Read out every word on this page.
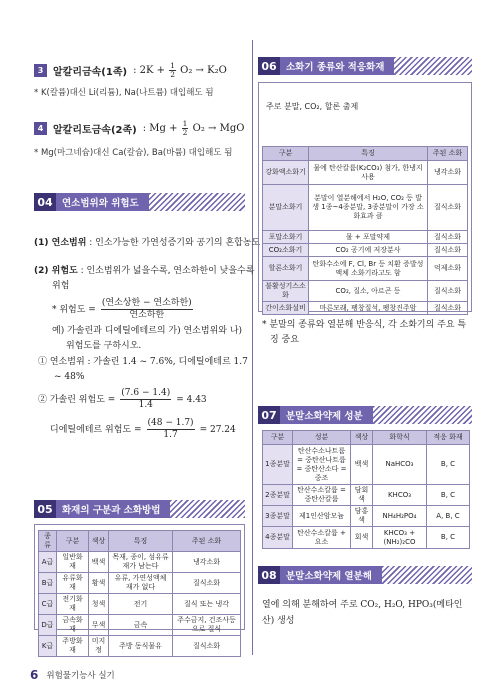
3 알칼리금속(1족) : $2K + \frac{1}{2} O_2 \to K_2O$
* K(칼륨)대신 Li(리튬), Na(나트륨) 대입해도 됨
4 알칼리토금속(2족) : $Mg + \frac{1}{2} O_2$ → MgO
* Mg(마그네슘)대신 Ca(칼슘), Ba(바륨) 대입해도 됨
04 연소범위와 위험도
(1) 연소범위 : 인소가능한 가연성증기와 공기의 혼합농도
(2) 위험도 : 인소범위가 넓을수록, 연소하한이 낮을수록
위험
* 위험도 = $\frac{\text{(연소상한 − 연소하한)}}{\text{연소하한}}$
예) 가솔린과 디에틸에테르의 가) 연소범위와 나)
위험도를 구하시오.
① 연소범위 : 가솔린 1.4 ~ 7.6%, 디에틸에테르 1.7
~ 48%
② 가솔린 위험도 = $\frac{(7.6 - 1.4)}{1.4} = 4.43$
디에틸에테르 위험도 = $\frac{(48 - 1.7)}{1.7} = 27.24$
05 화재의 구분과 소화방법
종류	구분	색상	특징	주된 소화
A급	일반화재	백색	목재, 종이, 섬유류 재가 남는다	냉각소화
B급	유류화재	황색	유류, 가연성액체 재가 없다	질식소화
C급	전기화재	청색	전기	질식 또는 냉각
D급	금속화재	무색	금속	주수금지, 건조사등으로 질식
K급	주방화재	미지정	주방 동식물유	질식소화
06 소화기 종류와 적응화재
주로 분말, CO₂, 할론 출제
구분	특징	주된 소화
강화액소화기	물에 탄산칼륨(K₂CO₃) 첨가, 한냉지 사용	냉각소화
분말소화기	분말이 열분해에서 H₂O, CO₂ 등 발생 1종~4종분말, 3종분말이 가장 소화효과 큼	질식소화
포말소화기	물 + 포말약제	질식소화
CO₂소화기	CO₂ 공기에 저장분사	질식소화
할론소화기	탄화수소에 F, Cl, Br 등 치환 증발성액체 소화기라고도 함	억제소화
불활성기스소화	CO₂, 질소, 아르곤 등	질식소화
간이소화설비	마른모래, 팽창질석, 팽창진주암	질식소화
* 분말의 종류와 열분해 반응식, 각 소화기의 주요 특
징 중요
07 분말소화약제 성분
구분	성분	색상	화학식	적응 화재
1종분말	탄산수소나트륨 = 중탄산나트륨 = 중탄산소다 = 중조	백색	NaHCO₃	B, C
2종분말	탄산수소칼륨 = 중탄산칼륨	담회색	KHCO₃	B, C
3종분말	제1인산암모늄	담홍색	NH₄H₂PO₄	A, B, C
4종분말	탄산수소칼륨 + 요소	회색	KHCO₃ + (NH₂)₂CO	B, C
08 분말소화약제 열분해
열에 의해 분해하여 주로 CO₂, H₂O, HPO₃(메타인
산) 생성
6 위험물기능사 실기
